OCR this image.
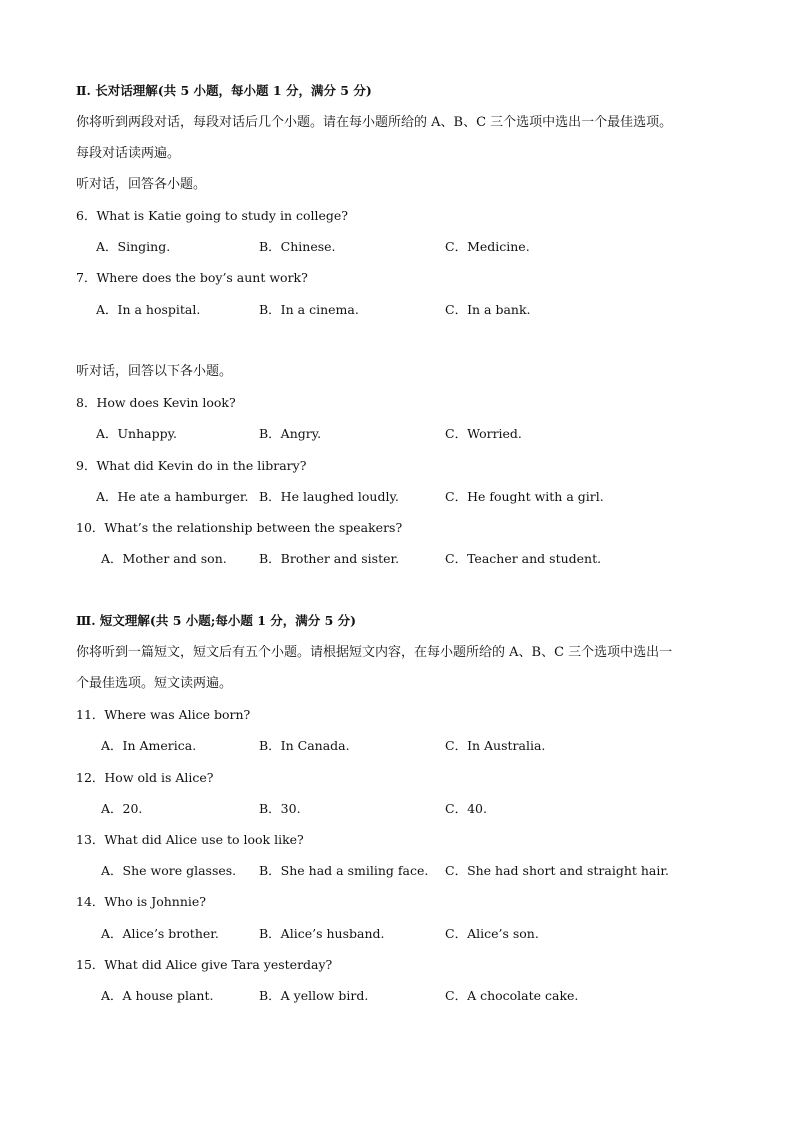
Ⅱ. 长对话理解(共 5 小题，每小题 1 分，满分 5 分)
你将听到两段对话，每段对话后几个小题。请在每小题所给的 A、B、C 三个选项中选出一个最佳选项。
每段对话读两遍。
听对话，回答各小题。
6．What is Katie going to study in college?
A．Singing.	B．Chinese.	C．Medicine.
7．Where does the boy’s aunt work?
A．In a hospital.	B．In a cinema.	C．In a bank.
听对话，回答以下各小题。
8．How does Kevin look?
A．Unhappy.	B．Angry.	C．Worried.
9．What did Kevin do in the library?
A．He ate a hamburger. B．He laughed loudly.	C．He fought with a girl.
10．What’s the relationship between the speakers?
A．Mother and son.	B．Brother and sister.	C．Teacher and student.
Ⅲ. 短文理解(共 5 小题;每小题 1 分，满分 5 分)
你将听到一篇短文，短文后有五个小题。请根据短文内容，在每小题所给的 A、B、C 三个选项中选出一
个最佳选项。短文读两遍。
11．Where was Alice born?
A．In America.	B．In Canada.	C．In Australia.
12．How old is Alice?
A．20.	B．30.	C．40.
13．What did Alice use to look like?
A．She wore glasses. B．She had a smiling face. C．She had short and straight hair.
14．Who is Johnnie?
A．Alice’s brother.	B．Alice’s husband.	C．Alice’s son.
15．What did Alice give Tara yesterday?
A．A house plant.	B．A yellow bird.	C．A chocolate cake.
